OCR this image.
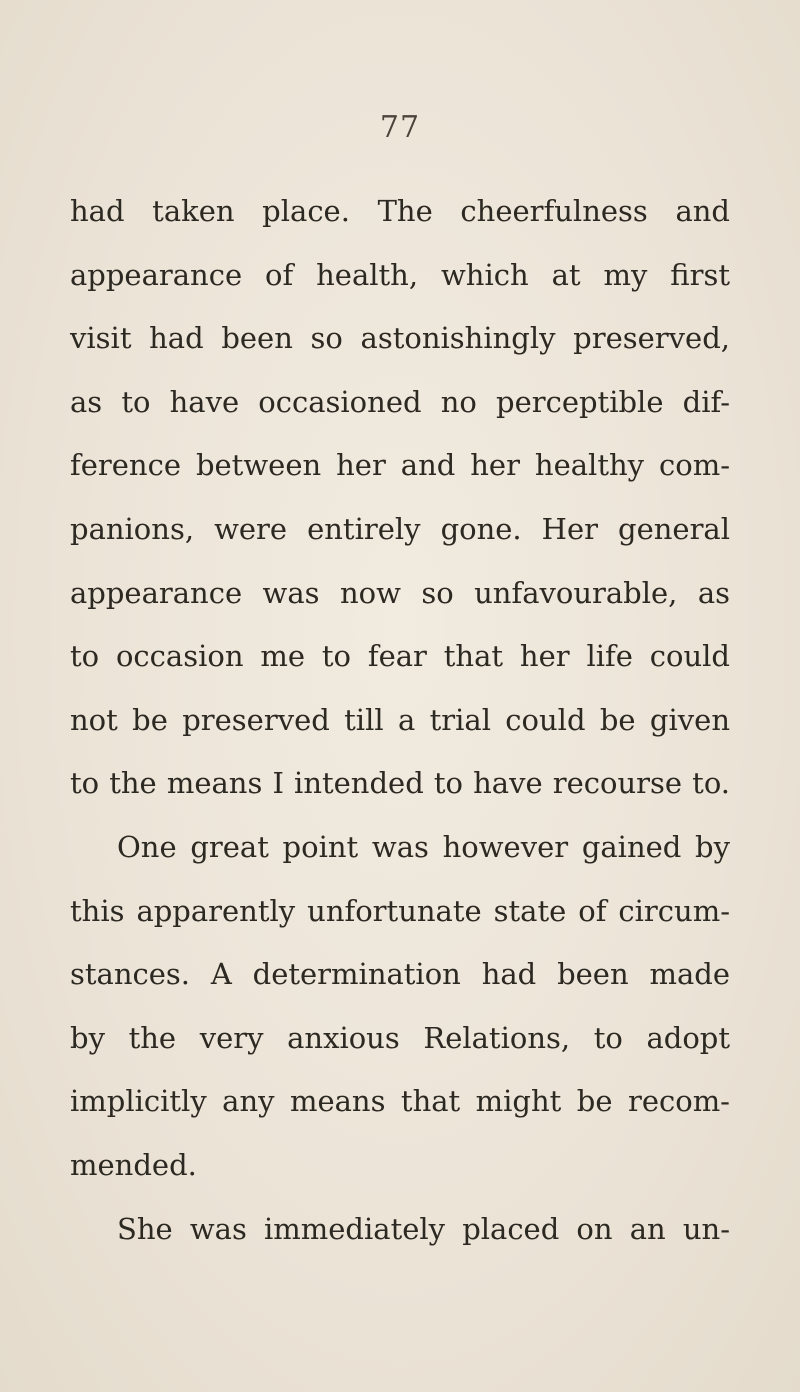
77
had taken place. The cheerfulness and
appearance of health, which at my first
visit had been so astonishingly preserved,
as to have occasioned no perceptible dif-
ference between her and her healthy com-
panions, were entirely gone. Her general
appearance was now so unfavourable, as
to occasion me to fear that her life could
not be preserved till a trial could be given
to the means I intended to have recourse to.
One great point was however gained by
this apparently unfortunate state of circum-
stances. A determination had been made
by the very anxious Relations, to adopt
implicitly any means that might be recom-
mended.
She was immediately placed on an un-
